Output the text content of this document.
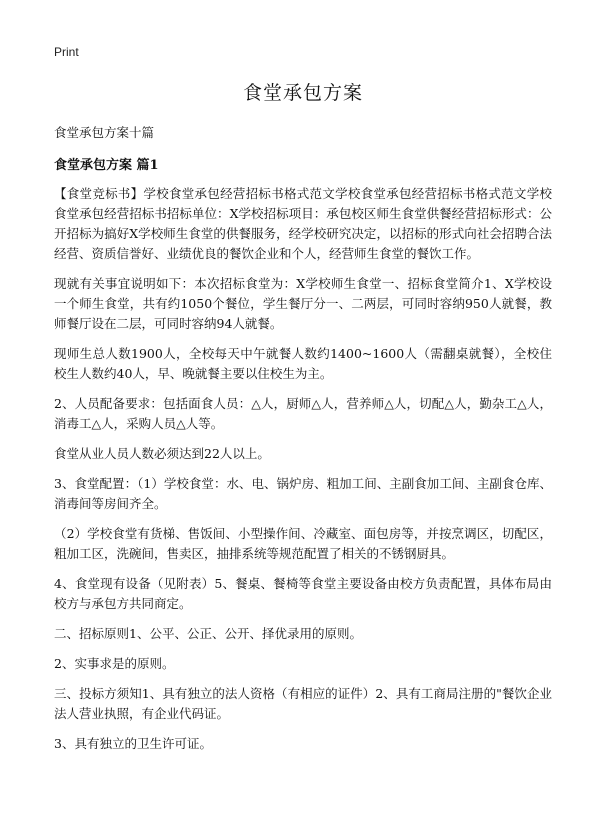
Print

食堂承包方案

食堂承包方案十篇

食堂承包方案 篇1

【食堂竞标书】学校食堂承包经营招标书格式范文学校食堂承包经营招标书格式范文学校食堂承包经营招标书招标单位：X学校招标项目：承包校区师生食堂供餐经营招标形式：公开招标为搞好X学校师生食堂的供餐服务，经学校研究决定，以招标的形式向社会招聘合法经营、资质信誉好、业绩优良的餐饮企业和个人，经营师生食堂的餐饮工作。

现就有关事宜说明如下：本次招标食堂为：X学校师生食堂一、招标食堂简介1、X学校设一个师生食堂，共有约1050个餐位，学生餐厅分一、二两层，可同时容纳950人就餐，教师餐厅设在二层，可同时容纳94人就餐。

现师生总人数1900人，全校每天中午就餐人数约1400~1600人（需翻桌就餐），全校住校生人数约40人，早、晚就餐主要以住校生为主。

2、人员配备要求：包括面食人员：△人，厨师△人，营养师△人，切配△人，勤杂工△人，消毒工△人，采购人员△人等。

食堂从业人员人数必须达到22人以上。

3、食堂配置：（1）学校食堂：水、电、锅炉房、粗加工间、主副食加工间、主副食仓库、消毒间等房间齐全。

（2）学校食堂有货梯、售饭间、小型操作间、冷藏室、面包房等，并按烹调区，切配区，粗加工区，洗碗间，售卖区，抽排系统等规范配置了相关的不锈钢厨具。

4、食堂现有设备（见附表）5、餐桌、餐椅等食堂主要设备由校方负责配置，具体布局由校方与承包方共同商定。

二、招标原则1、公平、公正、公开、择优录用的原则。

2、实事求是的原则。

三、投标方须知1、具有独立的法人资格（有相应的证件）2、具有工商局注册的"餐饮企业法人营业执照，有企业代码证。

3、具有独立的卫生许可证。
